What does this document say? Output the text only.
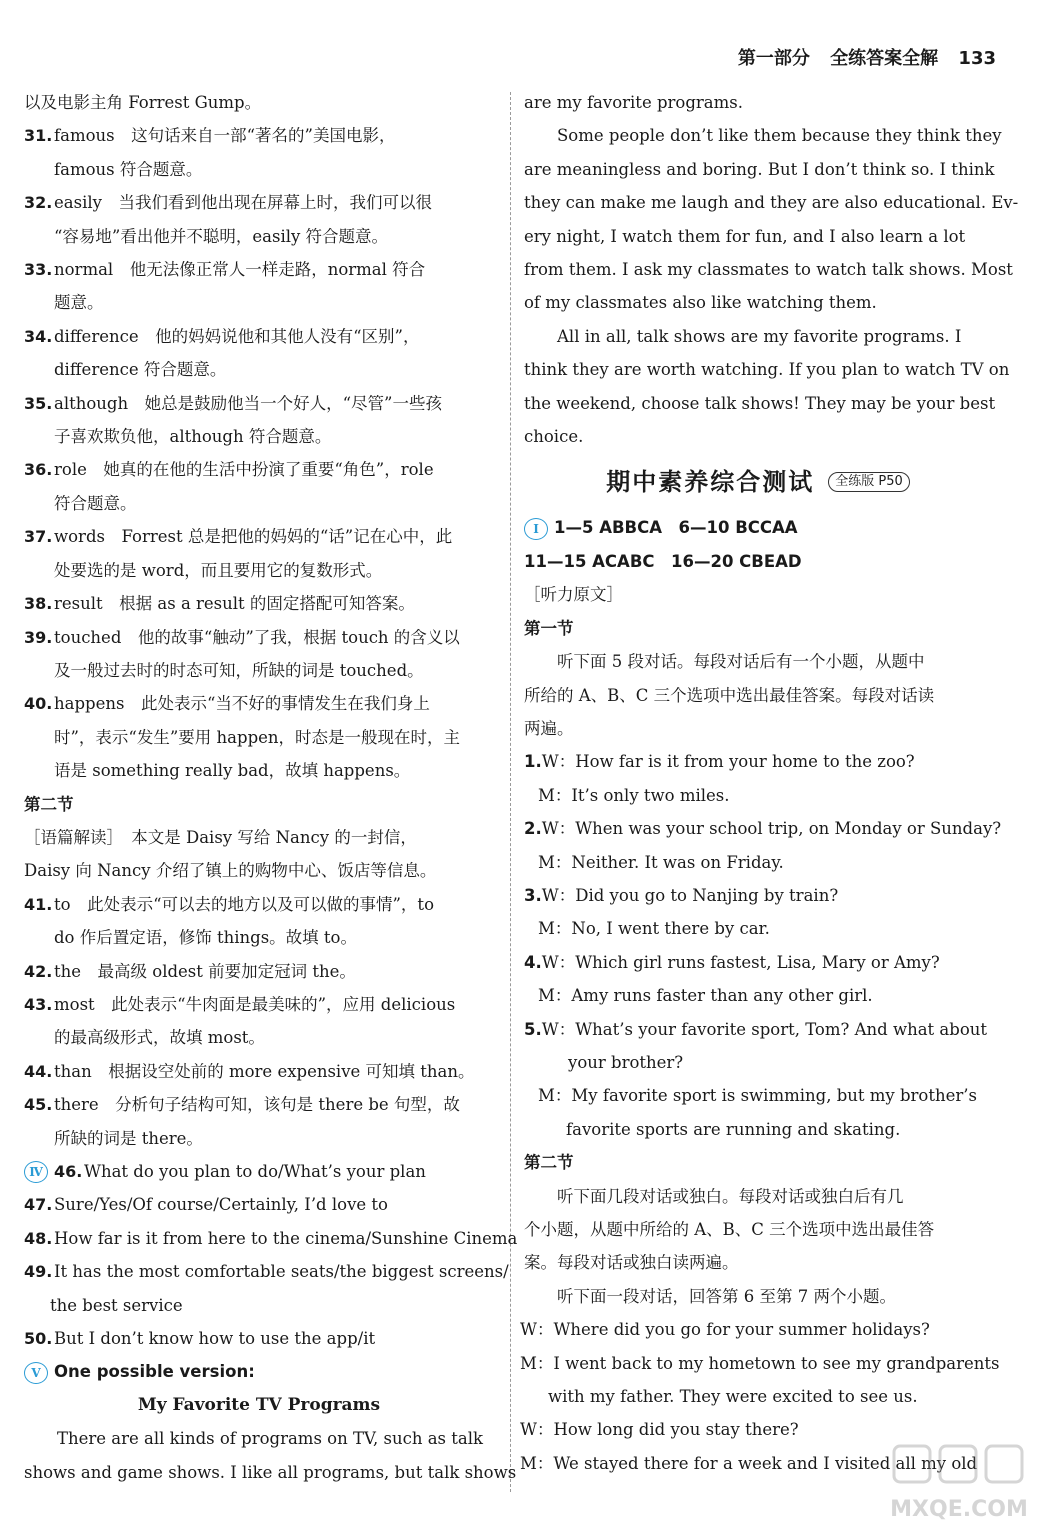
第一部分 全练答案全解 133
以及电影主角 Forrest Gump。
31. famous　这句话来自一部“著名的”美国电影，
famous 符合题意。
32. easily　当我们看到他出现在屏幕上时，我们可以很
“容易地”看出他并不聪明，easily 符合题意。
33. normal　他无法像正常人一样走路，normal 符合
题意。
34. difference　他的妈妈说他和其他人没有“区别”，
difference 符合题意。
35. although　她总是鼓励他当一个好人，“尽管”一些孩
子喜欢欺负他，although 符合题意。
36. role　她真的在他的生活中扮演了重要“角色”，role
符合题意。
37. words　Forrest 总是把他的妈妈的“话”记在心中，此
处要选的是 word，而且要用它的复数形式。
38. result　根据 as a result 的固定搭配可知答案。
39. touched　他的故事“触动”了我，根据 touch 的含义以
及一般过去时的时态可知，所缺的词是 touched。
40. happens　此处表示“当不好的事情发生在我们身上
时”，表示“发生”要用 happen，时态是一般现在时，主
语是 something really bad，故填 happens。
第二节
［语篇解读］　本文是 Daisy 写给 Nancy 的一封信，
Daisy 向 Nancy 介绍了镇上的购物中心、饭店等信息。
41. to　此处表示“可以去的地方以及可以做的事情”，to
do 作后置定语，修饰 things。故填 to。
42. the　最高级 oldest 前要加定冠词 the。
43. most　此处表示“牛肉面是最美味的”，应用 delicious
的最高级形式，故填 most。
44. than　根据设空处前的 more expensive 可知填 than。
45. there　分析句子结构可知，该句是 there be 句型，故
所缺的词是 there。
Ⅳ 46. What do you plan to do/What’s your plan
47. Sure/Yes/Of course/Certainly, I’d love to
48. How far is it from here to the cinema/Sunshine Cinema
49. It has the most comfortable seats/the biggest screens/
the best service
50. But I don’t know how to use the app/it
Ⅴ One possible version:
My Favorite TV Programs
There are all kinds of programs on TV, such as talk
shows and game shows. I like all programs, but talk shows
are my favorite programs.
Some people don’t like them because they think they
are meaningless and boring. But I don’t think so. I think
they can make me laugh and they are also educational. Ev-
ery night, I watch them for fun, and I also learn a lot
from them. I ask my classmates to watch talk shows. Most
of my classmates also like watching them.
All in all, talk shows are my favorite programs. I
think they are worth watching. If you plan to watch TV on
the weekend, choose talk shows! They may be your best
choice.
期中素养综合测试	全练版 P50
Ⅰ 1—5 ABBCA　6—10 BCCAA
11—15 ACABC　16—20 CBEAD
［听力原文］
第一节
听下面 5 段对话。每段对话后有一个小题，从题中
所给的 A、B、C 三个选项中选出最佳答案。每段对话读
两遍。
1.W：How far is it from your home to the zoo?
M：It’s only two miles.
2.W：When was your school trip, on Monday or Sunday?
M：Neither. It was on Friday.
3.W：Did you go to Nanjing by train?
M：No, I went there by car.
4.W：Which girl runs fastest, Lisa, Mary or Amy?
M：Amy runs faster than any other girl.
5.W：What’s your favorite sport, Tom? And what about
your brother?
M：My favorite sport is swimming, but my brother’s
favorite sports are running and skating.
第二节
听下面几段对话或独白。每段对话或独白后有几
个小题，从题中所给的 A、B、C 三个选项中选出最佳答
案。每段对话或独白读两遍。
听下面一段对话，回答第 6 至第 7 两个小题。
W：Where did you go for your summer holidays?
M：I went back to my hometown to see my grandparents
with my father. They were excited to see us.
W：How long did you stay there?
M：We stayed there for a week and I visited all my old
MXQE.COM
